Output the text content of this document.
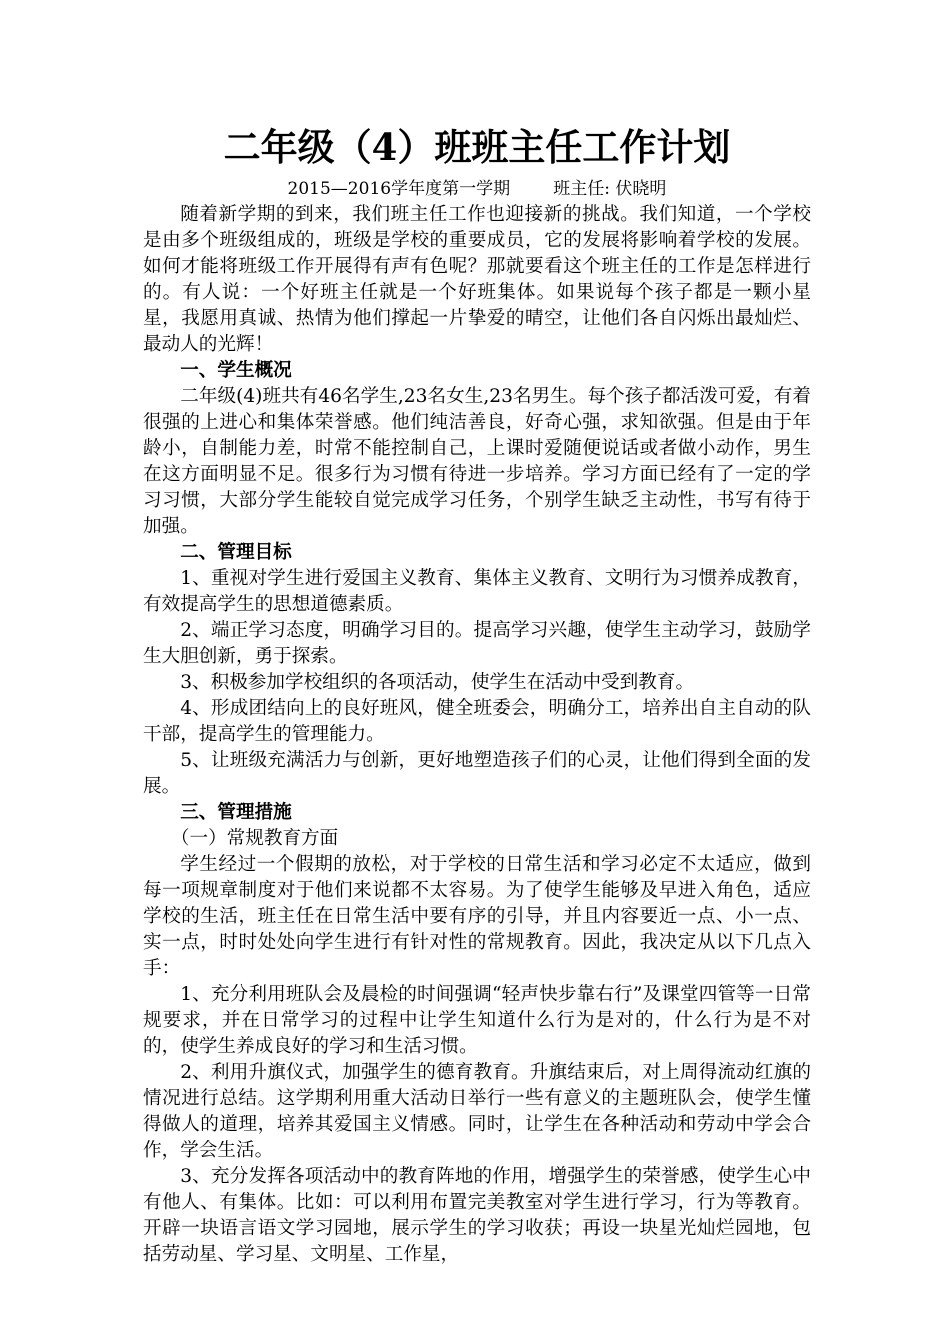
二年级（4）班班主任工作计划
2015—2016学年度第一学期        班主任: 伏晓明

随着新学期的到来，我们班主任工作也迎接新的挑战。我们知道，一个学校是由多个班级组成的，班级是学校的重要成员，它的发展将影响着学校的发展。如何才能将班级工作开展得有声有色呢？那就要看这个班主任的工作是怎样进行的。有人说：一个好班主任就是一个好班集体。如果说每个孩子都是一颗小星星，我愿用真诚、热情为他们撑起一片挚爱的晴空，让他们各自闪烁出最灿烂、最动人的光辉！

一、学生概况

二年级(4)班共有46名学生,23名女生,23名男生。每个孩子都活泼可爱，有着很强的上进心和集体荣誉感。他们纯洁善良，好奇心强，求知欲强。但是由于年龄小，自制能力差，时常不能控制自己，上课时爱随便说话或者做小动作，男生在这方面明显不足。很多行为习惯有待进一步培养。学习方面已经有了一定的学习习惯，大部分学生能较自觉完成学习任务，个别学生缺乏主动性，书写有待于加强。

二、管理目标

1、重视对学生进行爱国主义教育、集体主义教育、文明行为习惯养成教育，有效提高学生的思想道德素质。

2、端正学习态度，明确学习目的。提高学习兴趣，使学生主动学习，鼓励学生大胆创新，勇于探索。

3、积极参加学校组织的各项活动，使学生在活动中受到教育。

4、形成团结向上的良好班风，健全班委会，明确分工，培养出自主自动的队干部，提高学生的管理能力。

5、让班级充满活力与创新，更好地塑造孩子们的心灵，让他们得到全面的发展。

三、管理措施

（一）常规教育方面

学生经过一个假期的放松，对于学校的日常生活和学习必定不太适应，做到每一项规章制度对于他们来说都不太容易。为了使学生能够及早进入角色，适应学校的生活，班主任在日常生活中要有序的引导，并且内容要近一点、小一点、实一点，时时处处向学生进行有针对性的常规教育。因此，我决定从以下几点入手：

1、充分利用班队会及晨检的时间强调“轻声快步靠右行”及课堂四管等一日常规要求，并在日常学习的过程中让学生知道什么行为是对的，什么行为是不对的，使学生养成良好的学习和生活习惯。

2、利用升旗仪式，加强学生的德育教育。升旗结束后，对上周得流动红旗的情况进行总结。这学期利用重大活动日举行一些有意义的主题班队会，使学生懂得做人的道理，培养其爱国主义情感。同时，让学生在各种活动和劳动中学会合作，学会生活。

3、充分发挥各项活动中的教育阵地的作用，增强学生的荣誉感，使学生心中有他人、有集体。比如：可以利用布置完美教室对学生进行学习，行为等教育。开辟一块语言语文学习园地，展示学生的学习收获；再设一块星光灿烂园地，包括劳动星、学习星、文明星、工作星，
